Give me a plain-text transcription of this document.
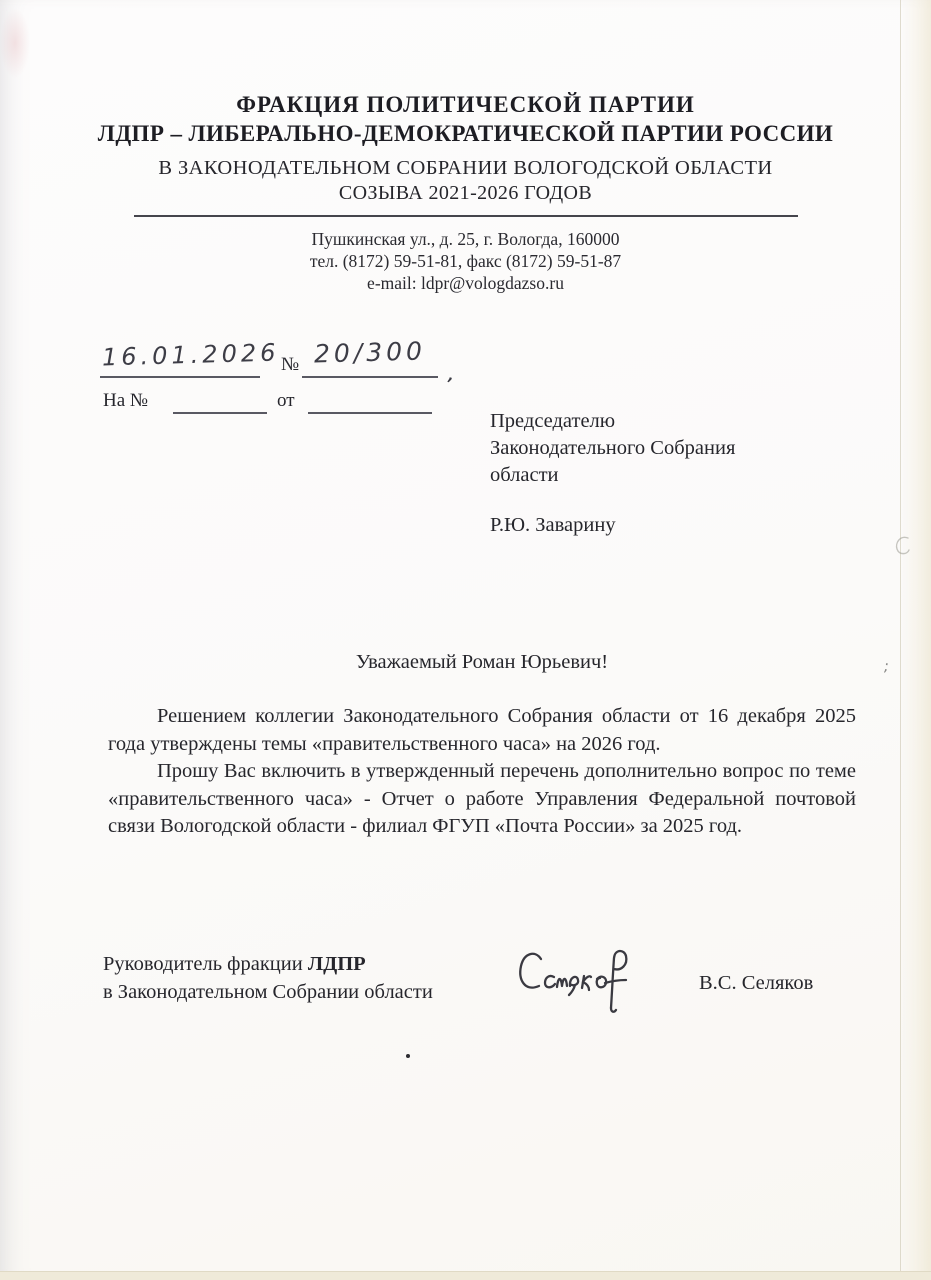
ФРАКЦИЯ ПОЛИТИЧЕСКОЙ ПАРТИИ
ЛДПР – ЛИБЕРАЛЬНО-ДЕМОКРАТИЧЕСКОЙ ПАРТИИ РОССИИ
В ЗАКОНОДАТЕЛЬНОМ СОБРАНИИ ВОЛОГОДСКОЙ ОБЛАСТИ
СОЗЫВА 2021-2026 ГОДОВ
Пушкинская ул., д. 25, г. Вологда, 160000
тел. (8172) 59-51-81, факс (8172) 59-51-87
e-mail: ldpr@vologdazso.ru
16.01.2026 № 20/300
’
На №	от
Председателю
Законодательного Собрания
области
Р.Ю. Заварину
Уважаемый Роман Юрьевич!

Решением коллегии Законодательного Собрания области от 16 декабря 2025 года утверждены темы «правительственного часа» на 2026 год.

Прошу Вас включить в утвержденный перечень дополнительно вопрос по теме «правительственного часа» - Отчет о работе Управления Федеральной почтовой связи Вологодской области - филиал ФГУП «Почта России» за 2025 год.

Руководитель фракции ЛДПР
в Законодательном Собрании области	В.С. Селяков
;
